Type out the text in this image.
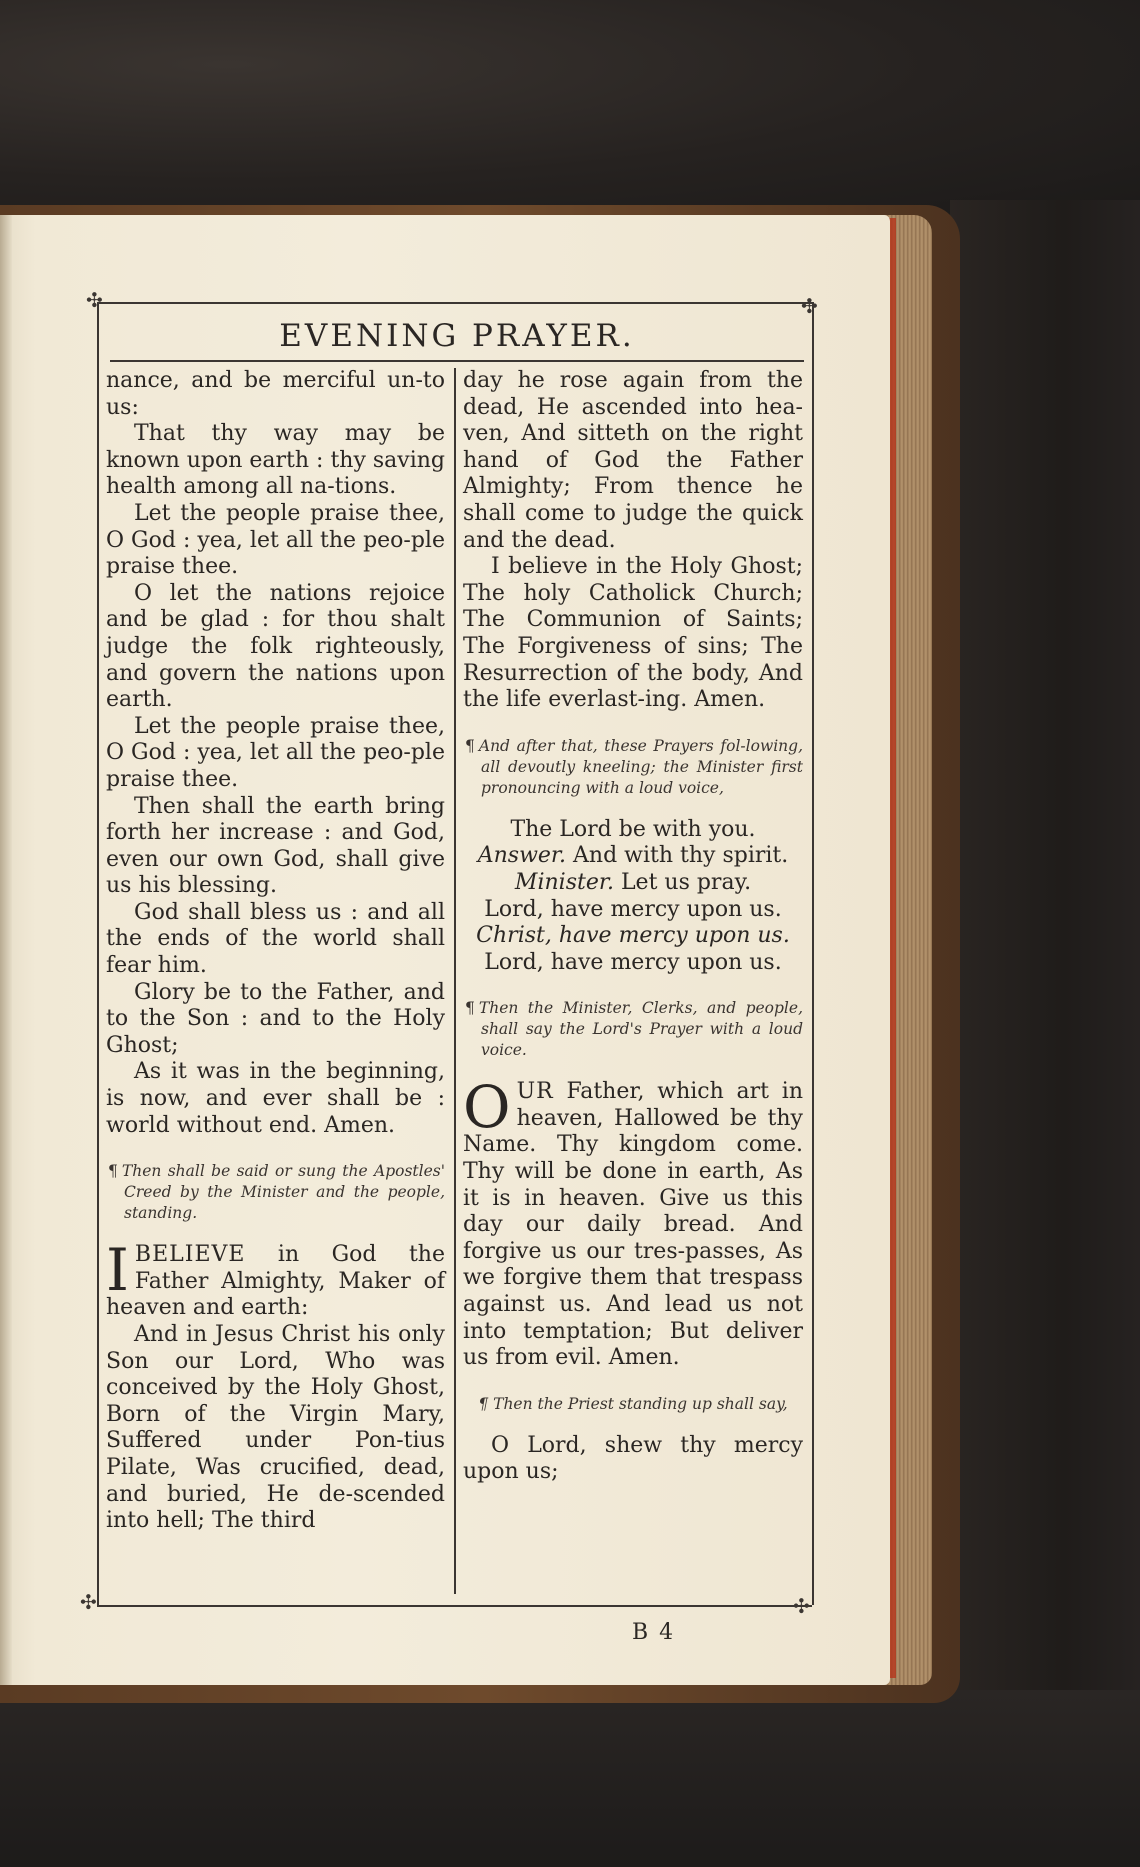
✣	✣
✣	✣
EVENING PRAYER.

nance, and be merciful un-to us:

That thy way may be known upon earth : thy saving health among all na-tions.

Let the people praise thee, O God : yea, let all the peo-ple praise thee.

O let the nations rejoice and be glad : for thou shalt judge the folk righteously, and govern the nations upon earth.

Let the people praise thee, O God : yea, let all the peo-ple praise thee.

Then shall the earth bring forth her increase : and God, even our own God, shall give us his blessing.

God shall bless us : and all the ends of the world shall fear him.

Glory be to the Father, and to the Son : and to the Holy Ghost;

As it was in the beginning, is now, and ever shall be : world without end. Amen.

¶ Then shall be said or sung the Apostles' Creed by the Minister and the people, standing.

IBELIEVE in God the Father Almighty, Maker of heaven and earth:

And in Jesus Christ his only Son our Lord, Who was conceived by the Holy Ghost, Born of the Virgin Mary, Suffered under Pon-tius Pilate, Was crucified, dead, and buried, He de-scended into hell; The third

day he rose again from the dead, He ascended into hea-ven, And sitteth on the right hand of God the Father Almighty; From thence he shall come to judge the quick and the dead.

I believe in the Holy Ghost; The holy Catholick Church; The Communion of Saints; The Forgiveness of sins; The Resurrection of the body, And the life everlast-ing. Amen.

¶ And after that, these Prayers fol-lowing, all devoutly kneeling; the Minister first pronouncing with a loud voice,

The Lord be with you.

Answer. And with thy spirit.

Minister. Let us pray.

Lord, have mercy upon us.

Christ, have mercy upon us.

Lord, have mercy upon us.

¶ Then the Minister, Clerks, and people, shall say the Lord's Prayer with a loud voice.

OUR Father, which art in heaven, Hallowed be thy Name. Thy kingdom come. Thy will be done in earth, As it is in heaven. Give us this day our daily bread. And forgive us our tres-passes, As we forgive them that trespass against us. And lead us not into temptation; But deliver us from evil. Amen.

¶ Then the Priest standing up shall say,

O Lord, shew thy mercy upon us;

B 4
